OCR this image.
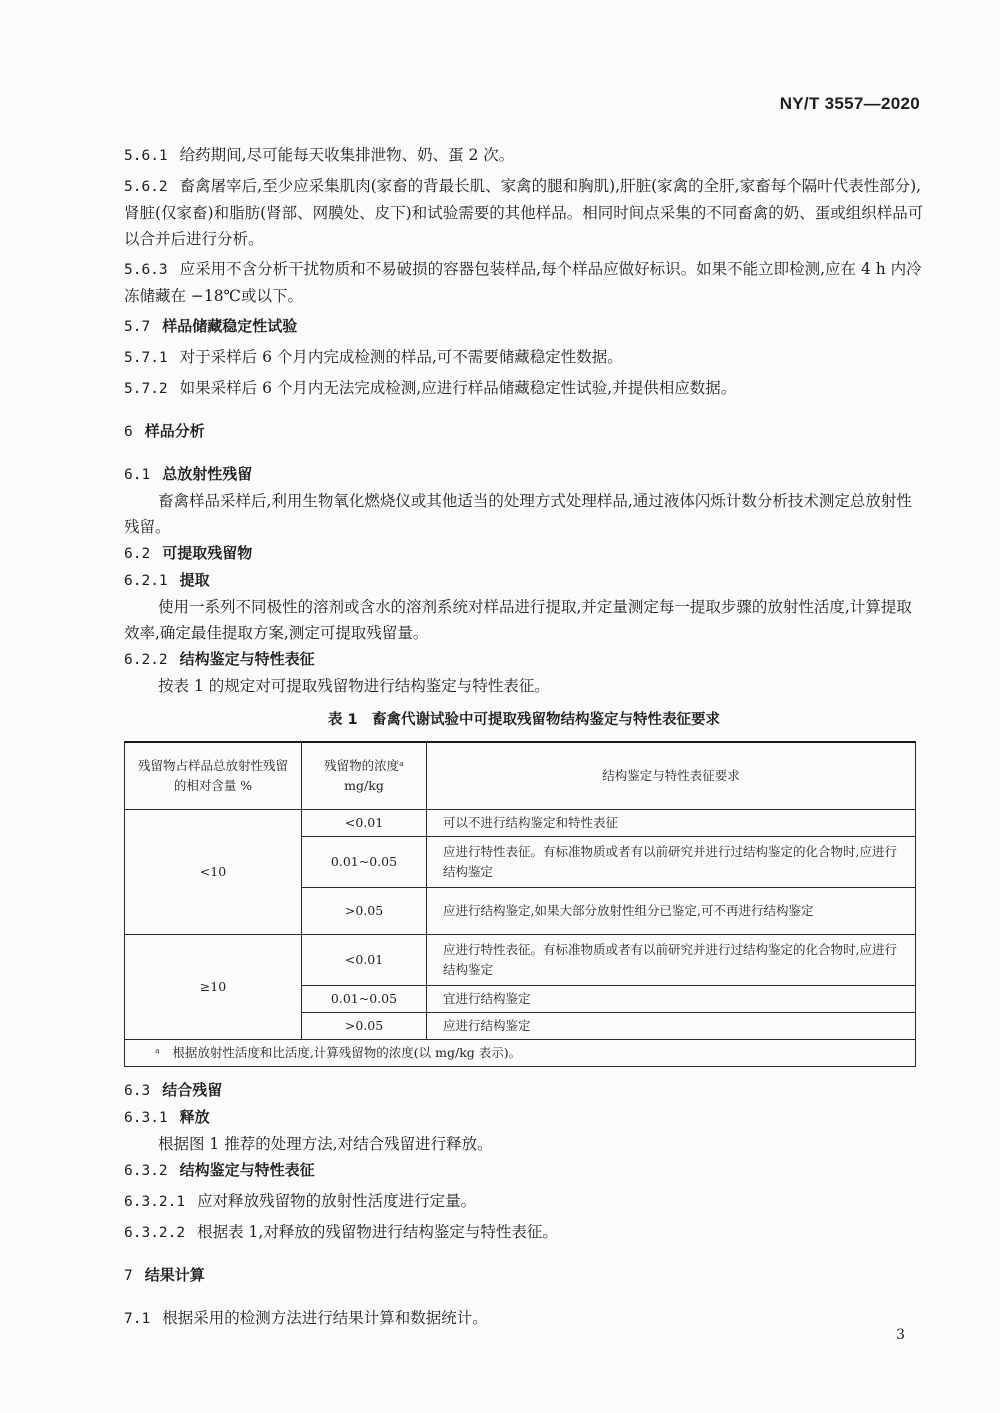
NY/T 3557—2020

5.6.1 给药期间,尽可能每天收集排泄物、奶、蛋 2 次。

5.6.2 畜禽屠宰后,至少应采集肌肉(家畜的背最长肌、家禽的腿和胸肌),肝脏(家禽的全肝,家畜每个隔叶代表性部分),肾脏(仅家畜)和脂肪(肾部、网膜处、皮下)和试验需要的其他样品。相同时间点采集的不同畜禽的奶、蛋或组织样品可以合并后进行分析。

5.6.3 应采用不含分析干扰物质和不易破损的容器包装样品,每个样品应做好标识。如果不能立即检测,应在 4 h 内冷冻储藏在 −18℃或以下。

5.7 样品储藏稳定性试验

5.7.1 对于采样后 6 个月内完成检测的样品,可不需要储藏稳定性数据。

5.7.2 如果采样后 6 个月内无法完成检测,应进行样品储藏稳定性试验,并提供相应数据。

6 样品分析

6.1 总放射性残留

畜禽样品采样后,利用生物氧化燃烧仪或其他适当的处理方式处理样品,通过液体闪烁计数分析技术测定总放射性残留。

6.2 可提取残留物

6.2.1 提取

使用一系列不同极性的溶剂或含水的溶剂系统对样品进行提取,并定量测定每一提取步骤的放射性活度,计算提取效率,确定最佳提取方案,测定可提取残留量。

6.2.2 结构鉴定与特性表征

按表 1 的规定对可提取残留物进行结构鉴定与特性表征。

表 1　畜禽代谢试验中可提取残留物结构鉴定与特性表征要求
残留物占样品总放射性残留的相对含量 %	残留物的浓度ᵃ mg/kg	结构鉴定与特性表征要求
<10	<0.01	可以不进行结构鉴定和特性表征
	0.01~0.05	应进行特性表征。有标准物质或者有以前研究并进行过结构鉴定的化合物时,应进行结构鉴定
	>0.05	应进行结构鉴定,如果大部分放射性组分已鉴定,可不再进行结构鉴定
≥10	<0.01	应进行特性表征。有标准物质或者有以前研究并进行过结构鉴定的化合物时,应进行结构鉴定
	0.01~0.05	宜进行结构鉴定
	>0.05	应进行结构鉴定
ᵃ　根据放射性活度和比活度,计算残留物的浓度(以 mg/kg 表示)。		

6.3 结合残留

6.3.1 释放

根据图 1 推荐的处理方法,对结合残留进行释放。

6.3.2 结构鉴定与特性表征

6.3.2.1 应对释放残留物的放射性活度进行定量。

6.3.2.2 根据表 1,对释放的残留物进行结构鉴定与特性表征。

7 结果计算

7.1 根据采用的检测方法进行结果计算和数据统计。

3
